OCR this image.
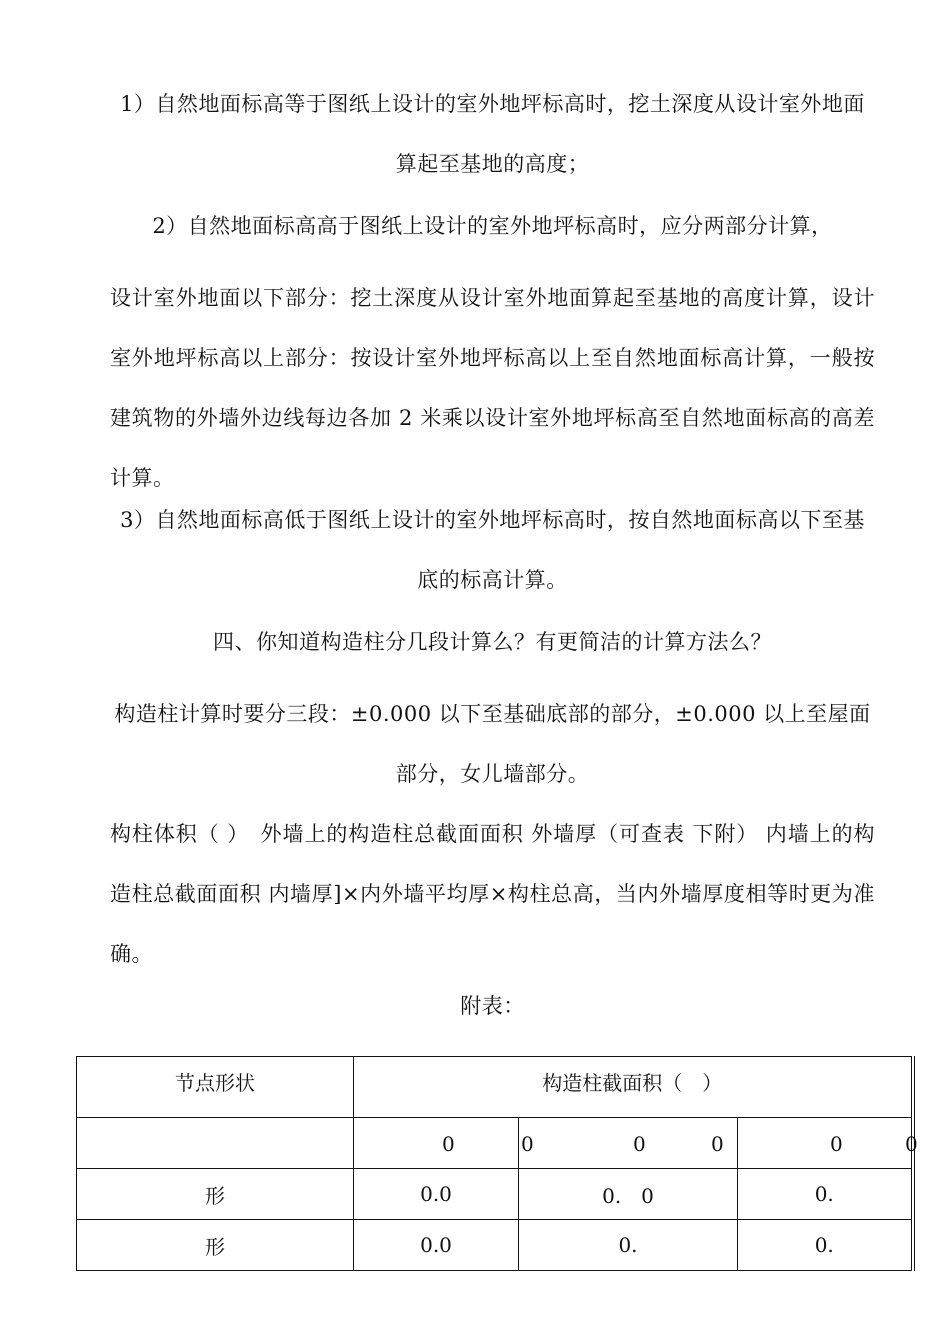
1）自然地面标高等于图纸上设计的室外地坪标高时，挖土深度从设计室外地面算起至基地的高度；

2）自然地面标高高于图纸上设计的室外地坪标高时，应分两部分计算，

设计室外地面以下部分：挖土深度从设计室外地面算起至基地的高度计算，设计室外地坪标高以上部分：按设计室外地坪标高以上至自然地面标高计算，一般按建筑物的外墙外边线每边各加 2 米乘以设计室外地坪标高至自然地面标高的高差计算。

3）自然地面标高低于图纸上设计的室外地坪标高时，按自然地面标高以下至基底的标高计算。

四、你知道构造柱分几段计算么？有更简洁的计算方法么？

构造柱计算时要分三段：±0.000 以下至基础底部的部分，±0.000 以上至屋面部分，女儿墙部分。

构柱体积（ ）　外墙上的构造柱总截面面积 外墙厚（可查表 下附） 内墙上的构造柱总截面面积 内墙厚]×内外墙平均厚×构柱总高，当内外墙厚度相等时更为准确。

附表：

节点形状	构造柱截面积（　）		

	0	0 0 0	0 0

形	0.0	0.　0	0.
形	0.0	0.	0.
